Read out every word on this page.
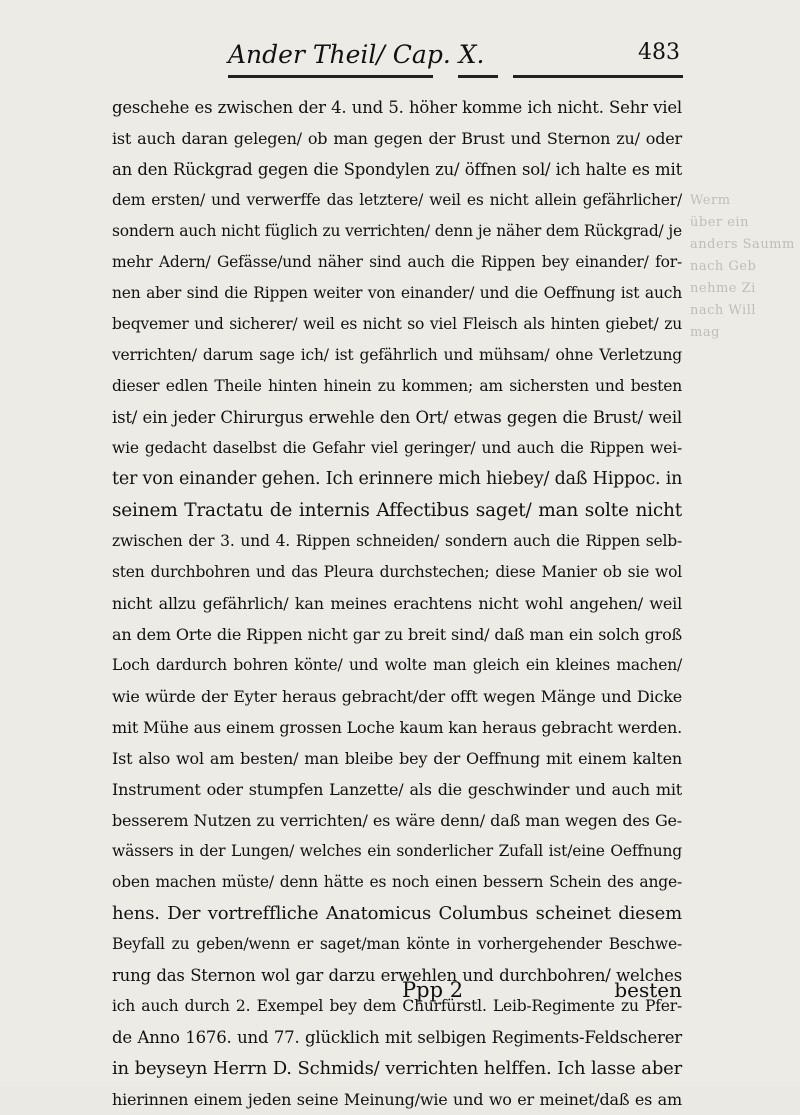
Werm
über ein
anders Saumm
nach Geb
nehme Zi
nach Will
mag
Ander Theil/ Cap. X.	483
geschehe es zwischen der 4. und 5. höher komme ich nicht. Sehr viel
ist auch daran gelegen/ ob man gegen der Brust und Sternon zu/ oder
an den Rückgrad gegen die Spondylen zu/ öffnen sol/ ich halte es mit
dem ersten/ und verwerffe das letztere/ weil es nicht allein gefährlicher/
sondern auch nicht füglich zu verrichten/ denn je näher dem Rückgrad/ je
mehr Adern/ Gefässe/und näher sind auch die Rippen bey einander/ for-
nen aber sind die Rippen weiter von einander/ und die Oeffnung ist auch
beqvemer und sicherer/ weil es nicht so viel Fleisch als hinten giebet/ zu
verrichten/ darum sage ich/ ist gefährlich und mühsam/ ohne Verletzung
dieser edlen Theile hinten hinein zu kommen; am sichersten und besten
ist/ ein jeder Chirurgus erwehle den Ort/ etwas gegen die Brust/ weil
wie gedacht daselbst die Gefahr viel geringer/ und auch die Rippen wei-
ter von einander gehen. Ich erinnere mich hiebey/ daß Hippoc. in
seinem Tractatu de internis Affectibus saget/ man solte nicht
zwischen der 3. und 4. Rippen schneiden/ sondern auch die Rippen selb-
sten durchbohren und das Pleura durchstechen; diese Manier ob sie wol
nicht allzu gefährlich/ kan meines erachtens nicht wohl angehen/ weil
an dem Orte die Rippen nicht gar zu breit sind/ daß man ein solch groß
Loch dardurch bohren könte/ und wolte man gleich ein kleines machen/
wie würde der Eyter heraus gebracht/der offt wegen Mänge und Dicke
mit Mühe aus einem grossen Loche kaum kan heraus gebracht werden.
Ist also wol am besten/ man bleibe bey der Oeffnung mit einem kalten
Instrument oder stumpfen Lanzette/ als die geschwinder und auch mit
besserem Nutzen zu verrichten/ es wäre denn/ daß man wegen des Ge-
wässers in der Lungen/ welches ein sonderlicher Zufall ist/eine Oeffnung
oben machen müste/ denn hätte es noch einen bessern Schein des ange-
hens. Der vortreffliche Anatomicus Columbus scheinet diesem
Beyfall zu geben/wenn er saget/man könte in vorhergehender Beschwe-
rung das Sternon wol gar darzu erwehlen und durchbohren/ welches
ich auch durch 2. Exempel bey dem Churfürstl. Leib-Regimente zu Pfer-
de Anno 1676. und 77. glücklich mit selbigen Regiments-Feldscherer
in beyseyn Herrn D. Schmids/ verrichten helffen. Ich lasse aber
hierinnen einem jeden seine Meinung/wie und wo er meinet/daß es am
Ppp 2	besten
